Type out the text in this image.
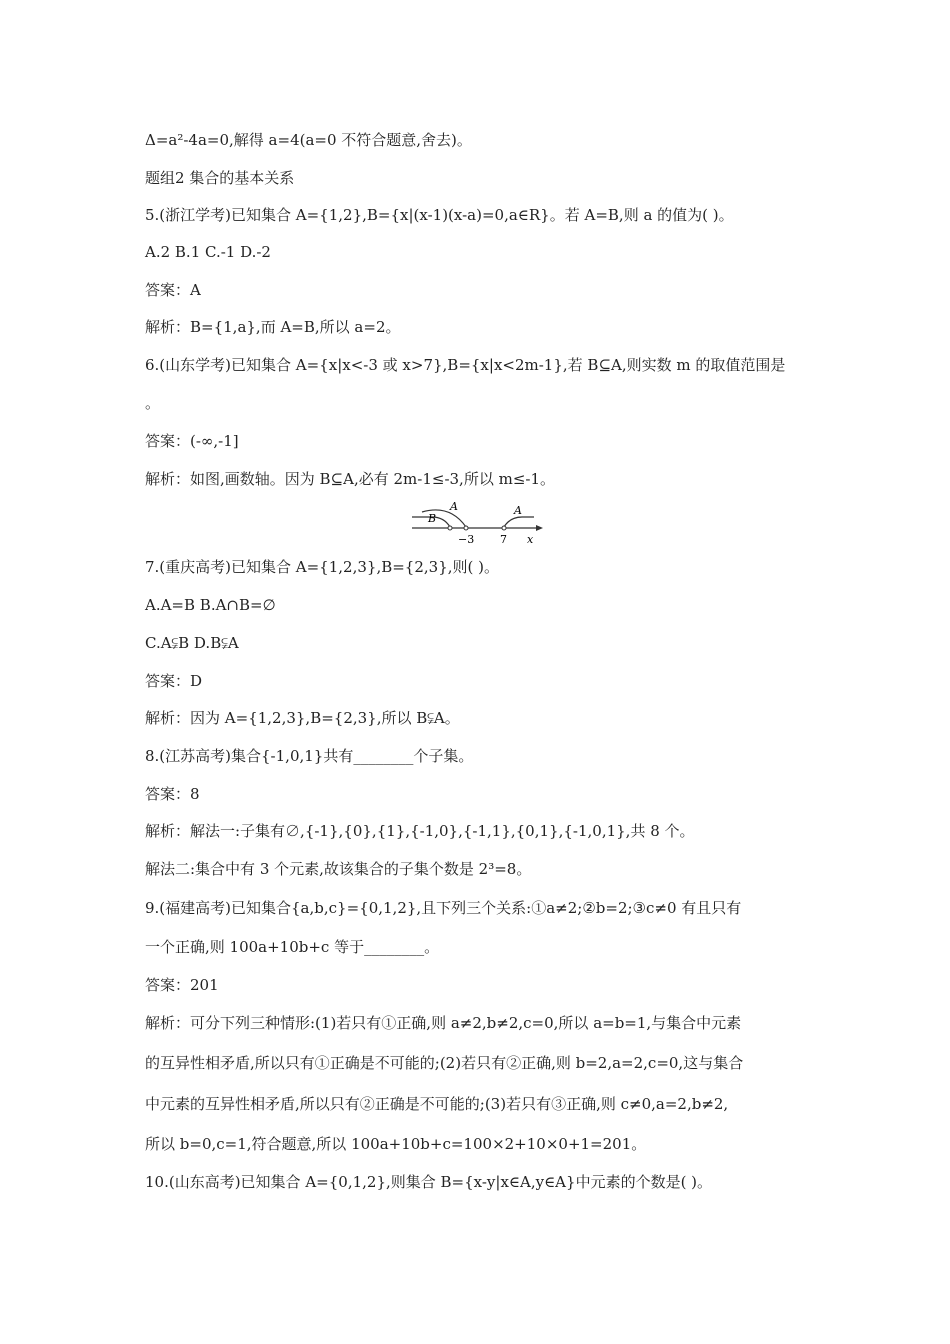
Δ=a²-4a=0,解得 a=4(a=0 不符合题意,舍去)。
题组2 集合的基本关系
5.(浙江学考)已知集合 A={1,2},B={x|(x-1)(x-a)=0,a∈R}。若 A=B,则 a 的值为( )。
A.2 B.1 C.-1 D.-2
答案：A
解析：B={1,a},而 A=B,所以 a=2。
6.(山东学考)已知集合 A={x|x<-3 或 x>7},B={x|x<2m-1},若 B⊆A,则实数 m 的取值范围是
。
答案：(-∞,-1]
解析：如图,画数轴。因为 B⊆A,必有 2m-1≤-3,所以 m≤-1。
B
A	A
−3 7 x
7.(重庆高考)已知集合 A={1,2,3},B={2,3},则( )。
A.A=B B.A∩B=∅
C.A⫋B D.B⫋A
答案：D
解析：因为 A={1,2,3},B={2,3},所以 B⫋A。
8.(江苏高考)集合{-1,0,1}共有________个子集。
答案：8
解析：解法一:子集有∅,{-1},{0},{1},{-1,0},{-1,1},{0,1},{-1,0,1},共 8 个。
解法二:集合中有 3 个元素,故该集合的子集个数是 2³=8。
9.(福建高考)已知集合{a,b,c}={0,1,2},且下列三个关系:①a≠2;②b=2;③c≠0 有且只有
一个正确,则 100a+10b+c 等于________。
答案：201
解析：可分下列三种情形:(1)若只有①正确,则 a≠2,b≠2,c=0,所以 a=b=1,与集合中元素
的互异性相矛盾,所以只有①正确是不可能的;(2)若只有②正确,则 b=2,a=2,c=0,这与集合
中元素的互异性相矛盾,所以只有②正确是不可能的;(3)若只有③正确,则 c≠0,a=2,b≠2,
所以 b=0,c=1,符合题意,所以 100a+10b+c=100×2+10×0+1=201。
10.(山东高考)已知集合 A={0,1,2},则集合 B={x-y|x∈A,y∈A}中元素的个数是( )。
